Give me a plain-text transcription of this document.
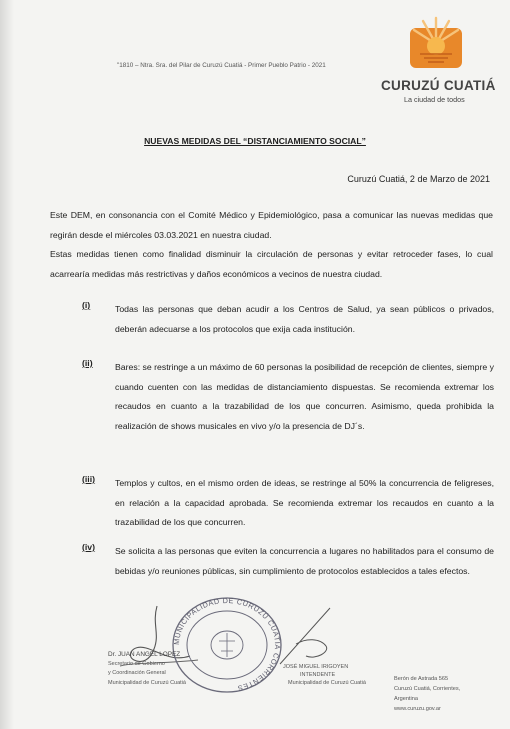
"1810 – Ntra. Sra. del Pilar de Curuzú Cuatiá - Primer Pueblo Patrio - 2021
CURUZÚ CUATIÁ
La ciudad de todos
NUEVAS MEDIDAS DEL “DISTANCIAMIENTO SOCIAL”
Curuzú Cuatiá, 2 de Marzo de 2021
Este DEM, en consonancia con el Comité Médico y Epidemiológico, pasa a comunicar las nuevas medidas que regirán desde el miércoles 03.03.2021 en nuestra ciudad.
Estas medidas tienen como finalidad disminuir la circulación de personas y evitar retroceder fases, lo cual acarrearía medidas más restrictivas y daños económicos a vecinos de nuestra ciudad.
(i)	Todas las personas que deban acudir a los Centros de Salud, ya sean públicos o privados, deberán adecuarse a los protocolos que exija cada institución.
(ii)	Bares: se restringe a un máximo de 60 personas la posibilidad de recepción de clientes, siempre y cuando cuenten con las medidas de distanciamiento dispuestas. Se recomienda extremar los recaudos en cuanto a la trazabilidad de los que concurren. Asimismo, queda prohibida la realización de shows musicales en vivo y/o la presencia de DJ´s.
(iii) Templos y cultos, en el mismo orden de ideas, se restringe al 50% la concurrencia de feligreses, en relación a la capacidad aprobada. Se recomienda extremar los recaudos en cuanto a la trazabilidad de los que concurren.
(iv) Se solicita a las personas que eviten la concurrencia a lugares no habilitados para el consumo de bebidas y/o reuniones públicas, sin cumplimiento de protocolos establecidos a tales efectos.
MUNICIPALIDAD DE CURUZÚ CUATIÁ CORRIENTES
Dr. JUAN ANGEL LOPEZ
Secretario de Gobierno
y Coordinación General
Municipalidad de Curuzú Cuatiá
JOSÉ MIGUEL IRIGOYEN
INTENDENTE
Municipalidad de Curuzú Cuatiá
Berón de Astrada 565
Curuzú Cuatiá, Corrientes,
Argentina
www.curuzu.gov.ar
